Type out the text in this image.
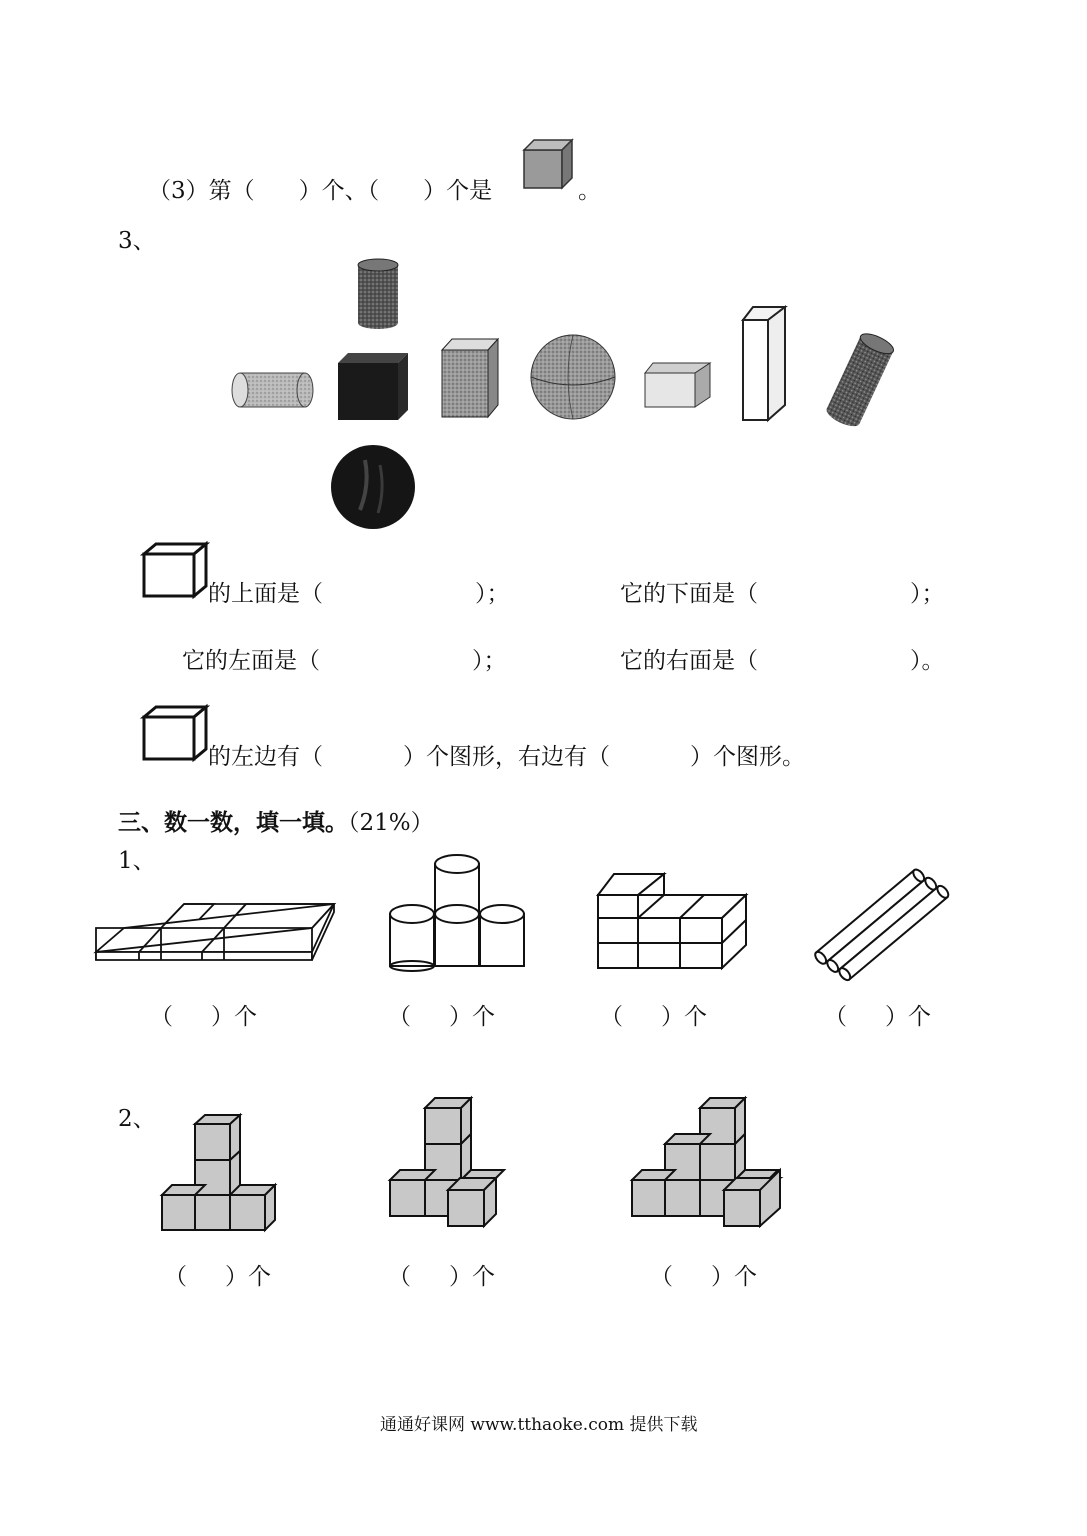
（3）第（ ）个、（ ）个是	。
3、
的上面是（	）；	它的下面是（	）；
它的左面是（	）；	它的右面是（	）。
的左边有（	）个图形，右边有（	）个图形。
三、数一数，填一填。（21%）
1、
（ ）个	（ ）个	（ ）个	（ ）个
2、
（ ）个	（ ）个	（ ）个
通通好课网 www.tthaoke.com 提供下载
